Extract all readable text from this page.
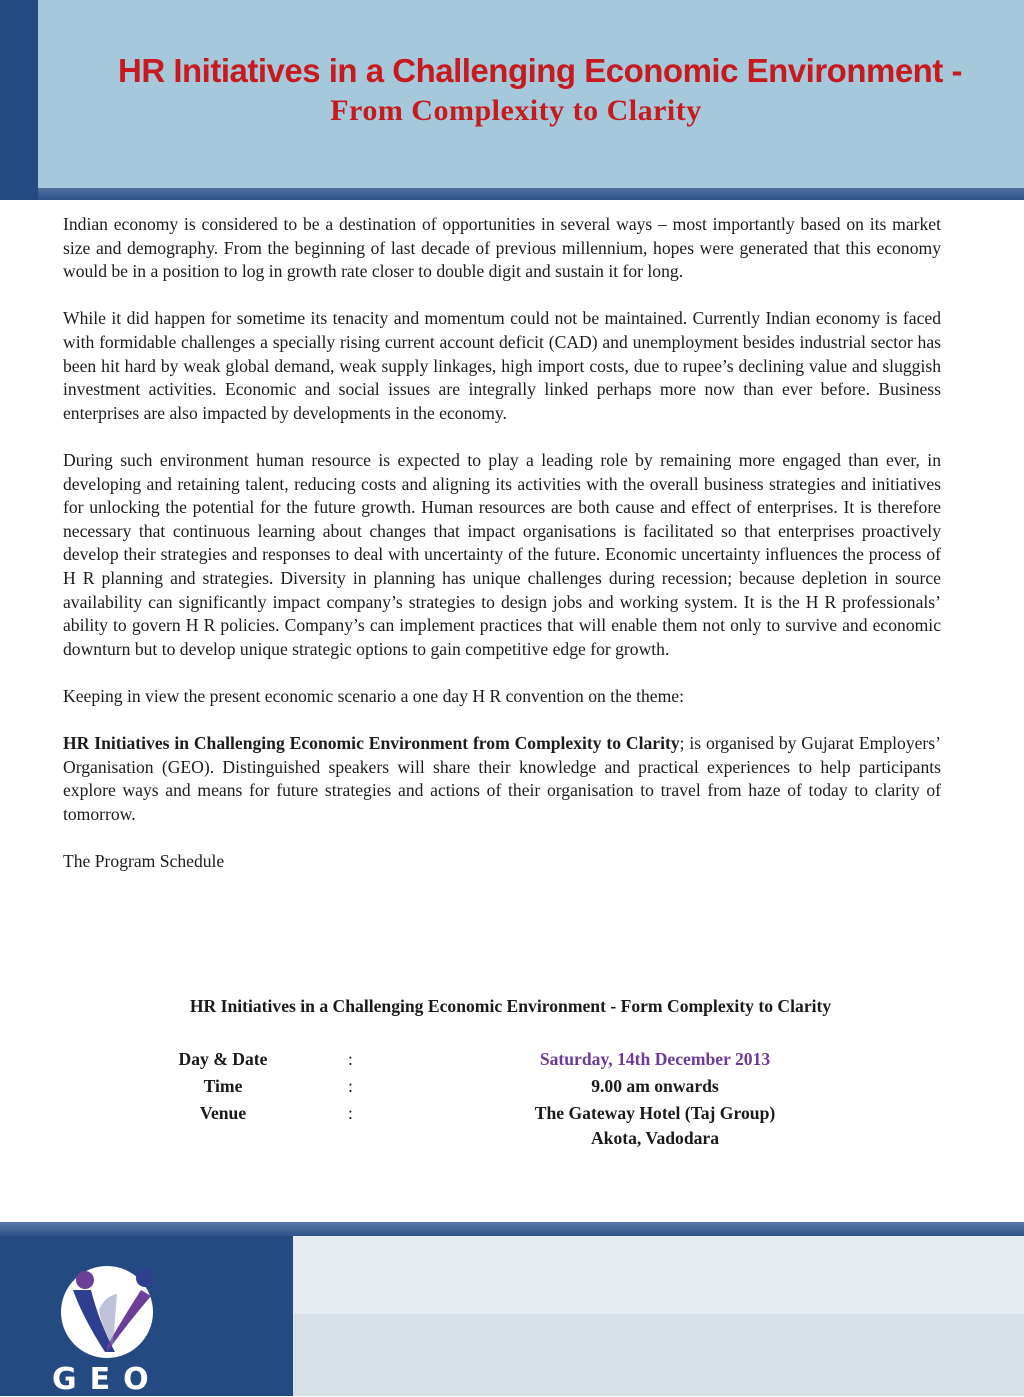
HR Initiatives in a Challenging Economic Environment -
From Complexity to Clarity

Indian economy is considered to be a destination of opportunities in several ways – most importantly based on its market size and demography. From the beginning of last decade of previous millennium, hopes were generated that this economy would be in a position to log in growth rate closer to double digit and sustain it for long.

While it did happen for sometime its tenacity and momentum could not be maintained. Currently Indian economy is faced with formidable challenges a specially rising current account deficit (CAD) and unemployment besides industrial sector has been hit hard by weak global demand, weak supply linkages, high import costs, due to rupee’s declining value and sluggish investment activities. Economic and social issues are integrally linked perhaps more now than ever before. Business enterprises are also impacted by developments in the economy.

During such environment human resource is expected to play a leading role by remaining more engaged than ever, in developing and retaining talent, reducing costs and aligning its activities with the overall business strategies and initiatives for unlocking the potential for the future growth. Human resources are both cause and effect of enterprises. It is therefore necessary that continuous learning about changes that impact organisations is facilitated so that enterprises proactively develop their strategies and responses to deal with uncertainty of the future. Economic uncertainty influences the process of H R planning and strategies. Diversity in planning has unique challenges during recession; because depletion in source availability can significantly impact company’s strategies to design jobs and working system. It is the H R professionals’ ability to govern H R policies. Company’s can implement practices that will enable them not only to survive and economic downturn but to develop unique strategic options to gain competitive edge for growth.

Keeping in view the present economic scenario a one day H R convention on the theme:

HR Initiatives in Challenging Economic Environment from Complexity to Clarity; is organised by Gujarat Employers’ Organisation (GEO). Distinguished speakers will share their knowledge and practical experiences to help participants explore ways and means for future strategies and actions of their organisation to travel from haze of today to clarity of tomorrow.

The Program Schedule

HR Initiatives in a Challenging Economic Environment - Form Complexity to Clarity
Day & Date	:	Saturday, 14th December 2013
Time	:	9.00 am onwards
Venue	:	The Gateway Hotel (Taj Group)
Akota, Vadodara
GEO
